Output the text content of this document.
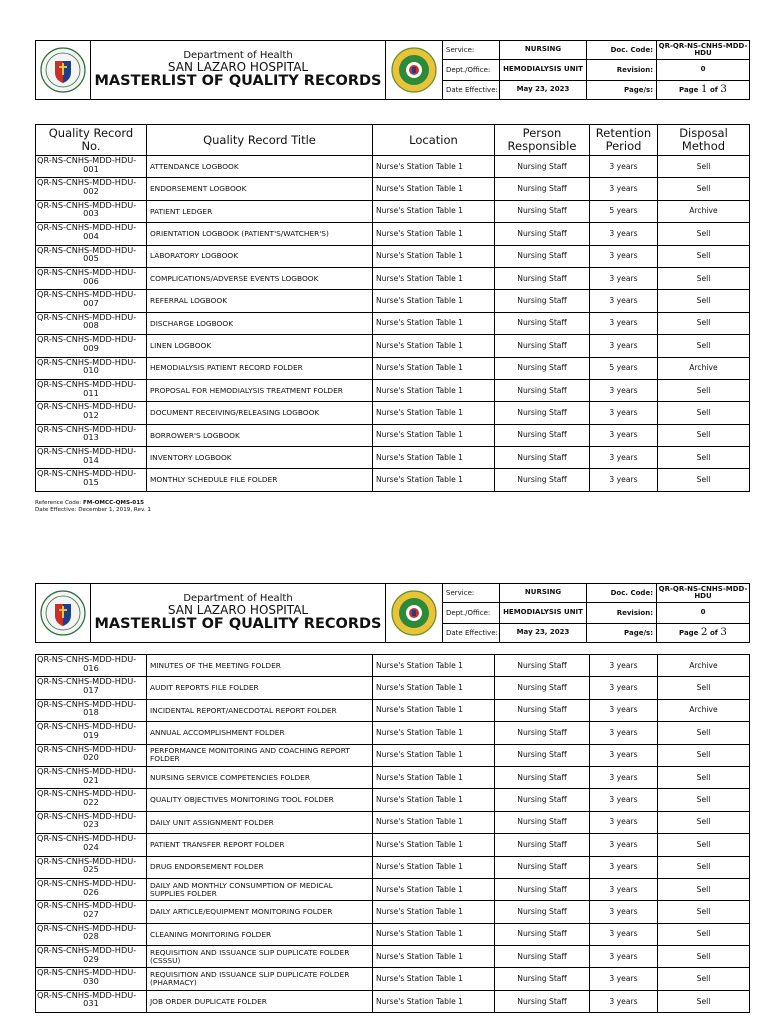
Department of Health
SAN LAZARO HOSPITAL
MASTERLIST OF QUALITY RECORDS		Service:	NURSING	Doc. Code:	QR-QR-NS-CNHS-MDD-HDU
			Dept./Office:	HEMODIALYSIS UNIT	Revision:	0
			Date Effective:	May 23, 2023	Page/s:	Page 1 of 3
Quality Record No.	Quality Record Title	Location	Person Responsible	Retention Period	Disposal Method

QR-NS-CNHS-MDD-HDU-
001	ATTENDANCE LOGBOOK	Nurse's Station Table 1	Nursing Staff	3 years	Sell

QR-NS-CNHS-MDD-HDU-
002	ENDORSEMENT LOGBOOK	Nurse's Station Table 1	Nursing Staff	3 years	Sell

QR-NS-CNHS-MDD-HDU-
003	PATIENT LEDGER	Nurse's Station Table 1	Nursing Staff	5 years	Archive

QR-NS-CNHS-MDD-HDU-
004	ORIENTATION LOGBOOK (PATIENT'S/WATCHER'S)	Nurse's Station Table 1	Nursing Staff	3 years	Sell

QR-NS-CNHS-MDD-HDU-
005	LABORATORY LOGBOOK	Nurse's Station Table 1	Nursing Staff	3 years	Sell

QR-NS-CNHS-MDD-HDU-
006	COMPLICATIONS/ADVERSE EVENTS LOGBOOK	Nurse's Station Table 1	Nursing Staff	3 years	Sell

QR-NS-CNHS-MDD-HDU-
007	REFERRAL LOGBOOK	Nurse's Station Table 1	Nursing Staff	3 years	Sell

QR-NS-CNHS-MDD-HDU-
008	DISCHARGE LOGBOOK	Nurse's Station Table 1	Nursing Staff	3 years	Sell

QR-NS-CNHS-MDD-HDU-
009	LINEN LOGBOOK	Nurse's Station Table 1	Nursing Staff	3 years	Sell

QR-NS-CNHS-MDD-HDU-
010	HEMODIALYSIS PATIENT RECORD FOLDER	Nurse's Station Table 1	Nursing Staff	5 years	Archive

QR-NS-CNHS-MDD-HDU-
011	PROPOSAL FOR HEMODIALYSIS TREATMENT FOLDER	Nurse's Station Table 1	Nursing Staff	3 years	Sell

QR-NS-CNHS-MDD-HDU-
012	DOCUMENT RECEIVING/RELEASING LOGBOOK	Nurse's Station Table 1	Nursing Staff	3 years	Sell

QR-NS-CNHS-MDD-HDU-
013	BORROWER'S LOGBOOK	Nurse's Station Table 1	Nursing Staff	3 years	Sell

QR-NS-CNHS-MDD-HDU-
014	INVENTORY LOGBOOK	Nurse's Station Table 1	Nursing Staff	3 years	Sell

QR-NS-CNHS-MDD-HDU-
015	MONTHLY SCHEDULE FILE FOLDER	Nurse's Station Table 1	Nursing Staff	3 years	Sell
Reference Code: FM-OMCC-QMS-015
Date Effective: December 1, 2019, Rev. 1

Department of Health
SAN LAZARO HOSPITAL
MASTERLIST OF QUALITY RECORDS		Service:	NURSING	Doc. Code:	QR-QR-NS-CNHS-MDD-HDU
			Dept./Office:	HEMODIALYSIS UNIT	Revision:	0
			Date Effective:	May 23, 2023	Page/s:	Page 2 of 3
QR-NS-CNHS-MDD-HDU-
016	MINUTES OF THE MEETING FOLDER	Nurse's Station Table 1	Nursing Staff	3 years	Archive

QR-NS-CNHS-MDD-HDU-
017	AUDIT REPORTS FILE FOLDER	Nurse's Station Table 1	Nursing Staff	3 years	Sell

QR-NS-CNHS-MDD-HDU-
018	INCIDENTAL REPORT/ANECDOTAL REPORT FOLDER	Nurse's Station Table 1	Nursing Staff	3 years	Archive

QR-NS-CNHS-MDD-HDU-
019	ANNUAL ACCOMPLISHMENT FOLDER	Nurse's Station Table 1	Nursing Staff	3 years	Sell

QR-NS-CNHS-MDD-HDU-
020	PERFORMANCE MONITORING AND COACHING REPORT FOLDER	Nurse's Station Table 1	Nursing Staff	3 years	Sell

QR-NS-CNHS-MDD-HDU-
021	NURSING SERVICE COMPETENCIES FOLDER	Nurse's Station Table 1	Nursing Staff	3 years	Sell

QR-NS-CNHS-MDD-HDU-
022	QUALITY OBJECTIVES MONITORING TOOL FOLDER	Nurse's Station Table 1	Nursing Staff	3 years	Sell

QR-NS-CNHS-MDD-HDU-
023	DAILY UNIT ASSIGNMENT FOLDER	Nurse's Station Table 1	Nursing Staff	3 years	Sell

QR-NS-CNHS-MDD-HDU-
024	PATIENT TRANSFER REPORT FOLDER	Nurse's Station Table 1	Nursing Staff	3 years	Sell

QR-NS-CNHS-MDD-HDU-
025	DRUG ENDORSEMENT FOLDER	Nurse's Station Table 1	Nursing Staff	3 years	Sell

QR-NS-CNHS-MDD-HDU-
026	DAILY AND MONTHLY CONSUMPTION OF MEDICAL SUPPLIES FOLDER	Nurse's Station Table 1	Nursing Staff	3 years	Sell

QR-NS-CNHS-MDD-HDU-
027	DAILY ARTICLE/EQUIPMENT MONITORING FOLDER	Nurse's Station Table 1	Nursing Staff	3 years	Sell

QR-NS-CNHS-MDD-HDU-
028	CLEANING MONITORING FOLDER	Nurse's Station Table 1	Nursing Staff	3 years	Sell

QR-NS-CNHS-MDD-HDU-
029	REQUISITION AND ISSUANCE SLIP DUPLICATE FOLDER (CSSSU)	Nurse's Station Table 1	Nursing Staff	3 years	Sell

QR-NS-CNHS-MDD-HDU-
030	REQUISITION AND ISSUANCE SLIP DUPLICATE FOLDER (PHARMACY)	Nurse's Station Table 1	Nursing Staff	3 years	Sell

QR-NS-CNHS-MDD-HDU-
031	JOB ORDER DUPLICATE FOLDER	Nurse's Station Table 1	Nursing Staff	3 years	Sell
